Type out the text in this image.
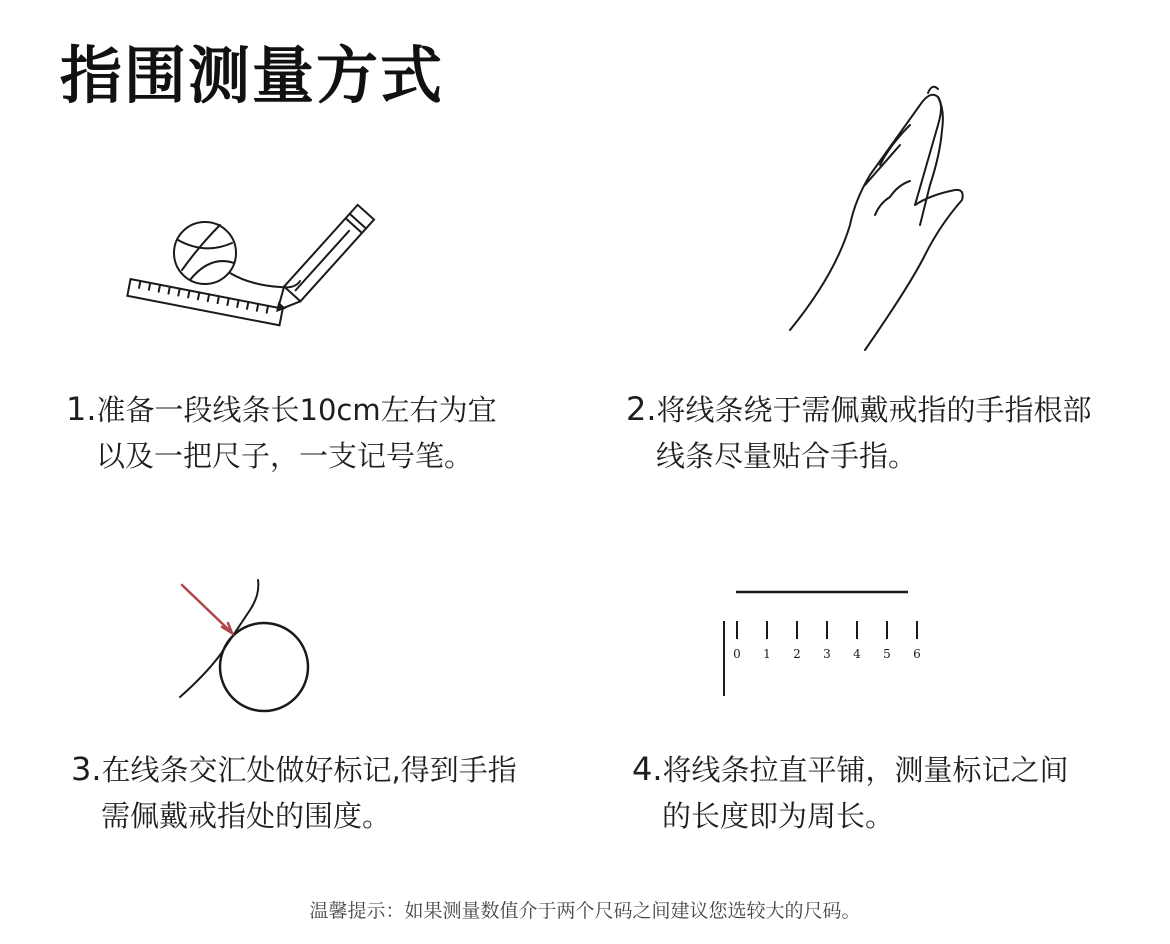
指围测量方式
0 1 2 3 4 5 6
1.准备一段线条长10cm左右为宜
以及一把尺子，一支记号笔。
2.将线条绕于需佩戴戒指的手指根部
线条尽量贴合手指。
3.在线条交汇处做好标记,得到手指
需佩戴戒指处的围度。
4.将线条拉直平铺，测量标记之间
的长度即为周长。
温馨提示：如果测量数值介于两个尺码之间建议您选较大的尺码。
